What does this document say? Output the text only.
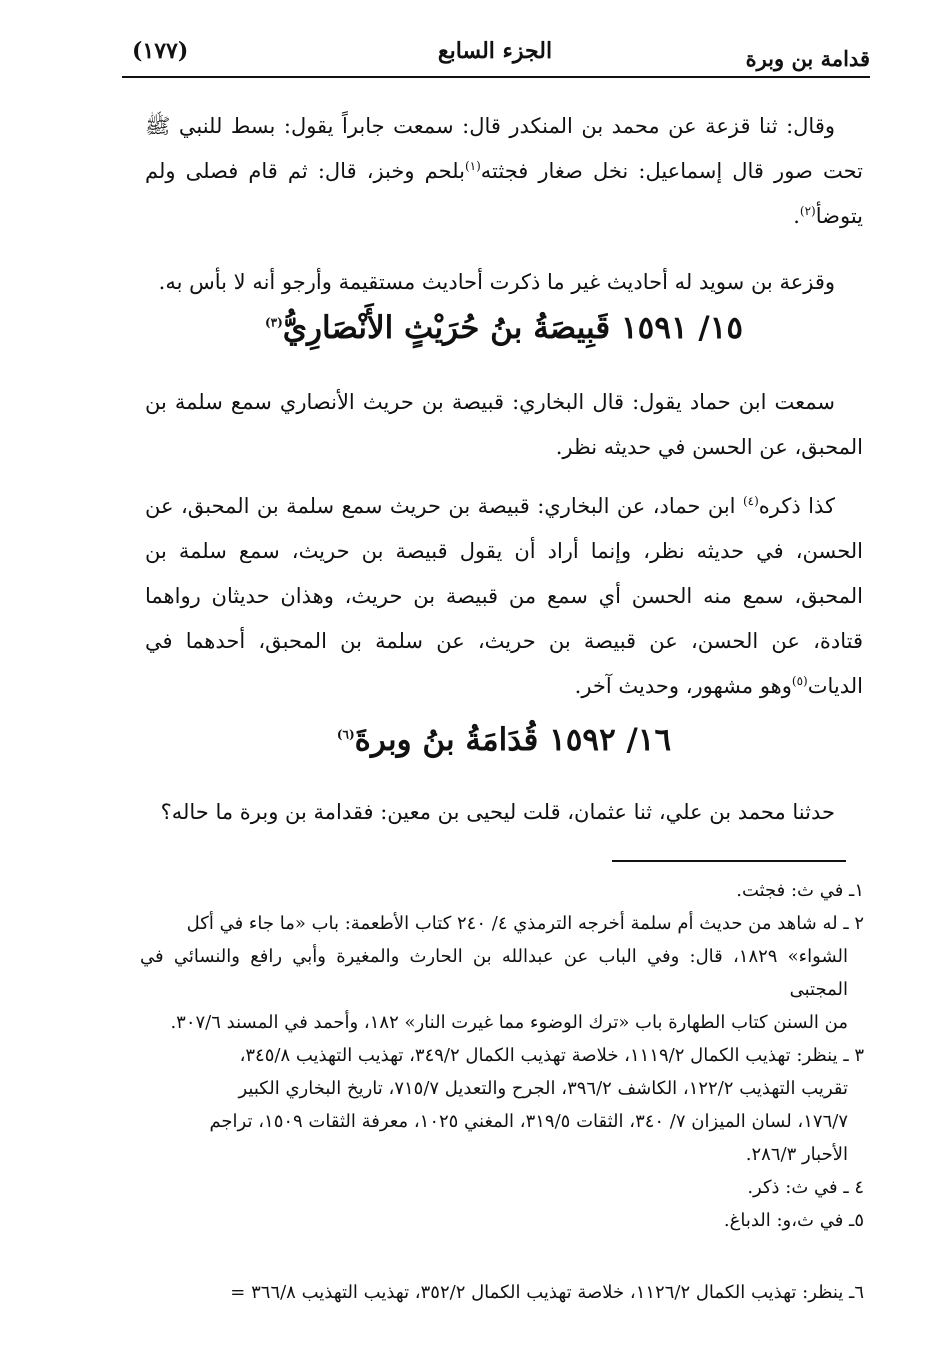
قدامة بن وبرة
الجزء السابع
(١٧٧)

وقال: ثنا قزعة عن محمد بن المنكدر قال: سمعت جابراً يقول: بسط للنبي ﷺ تحت صور قال إسماعيل: نخل صغار فجثته$^{(١)}$بلحم وخبز، قال: ثم قام فصلى ولم يتوضأ$^{(٢)}$.

وقزعة بن سويد له أحاديث غير ما ذكرت أحاديث مستقيمة وأرجو أنه لا بأس به.

١٥/ ١٥٩١ قَبِيصَةُ بنُ حُرَيْثٍ الأَنْصَارِيُّ$^{(٣)}$

سمعت ابن حماد يقول: قال البخاري: قبيصة بن حريث الأنصاري سمع سلمة بن المحبق، عن الحسن في حديثه نظر.

كذا ذكره$^{(٤)}$ ابن حماد، عن البخاري: قبيصة بن حريث سمع سلمة بن المحبق، عن الحسن، في حديثه نظر، وإنما أراد أن يقول قبيصة بن حريث، سمع سلمة بن المحبق، سمع منه الحسن أي سمع من قبيصة بن حريث، وهذان حديثان رواهما قتادة، عن الحسن، عن قبيصة بن حريث، عن سلمة بن المحبق، أحدهما في الديات$^{(٥)}$وهو مشهور، وحديث آخر.

١٦/ ١٥٩٢ قُدَامَةُ بنُ وبرةَ$^{(٦)}$

حدثنا محمد بن علي، ثنا عثمان، قلت ليحيى بن معين: فقدامة بن وبرة ما حاله؟

١ـ في ث: فجثت.

٢ ـ له شاهد من حديث أم سلمة أخرجه الترمذي ٤/ ٢٤٠ كتاب الأطعمة: باب «ما جاء في أكل

الشواء» ١٨٢٩، قال: وفي الباب عن عبدالله بن الحارث والمغيرة وأبي رافع والنسائي في المجتبى

من السنن كتاب الطهارة باب «ترك الوضوء مما غيرت النار» ١٨٢، وأحمد في المسند ٣٠٧/٦.

٣ ـ ينظر: تهذيب الكمال ١١١٩/٢، خلاصة تهذيب الكمال ٣٤٩/٢، تهذيب التهذيب ٣٤٥/٨،

تقريب التهذيب ١٢٢/٢، الكاشف ٣٩٦/٢، الجرح والتعديل ٧١٥/٧، تاريخ البخاري الكبير

١٧٦/٧، لسان الميزان ٧/ ٣٤٠، الثقات ٣١٩/٥، المغني ١٠٢٥، معرفة الثقات ١٥٠٩، تراجم

الأحبار ٢٨٦/٣.

٤ ـ في ث: ذكر.

٥ـ في ث،و: الدباغ.

٦ـ ينظر: تهذيب الكمال ١١٢٦/٢، خلاصة تهذيب الكمال ٣٥٢/٢، تهذيب التهذيب ٣٦٦/٨ =
